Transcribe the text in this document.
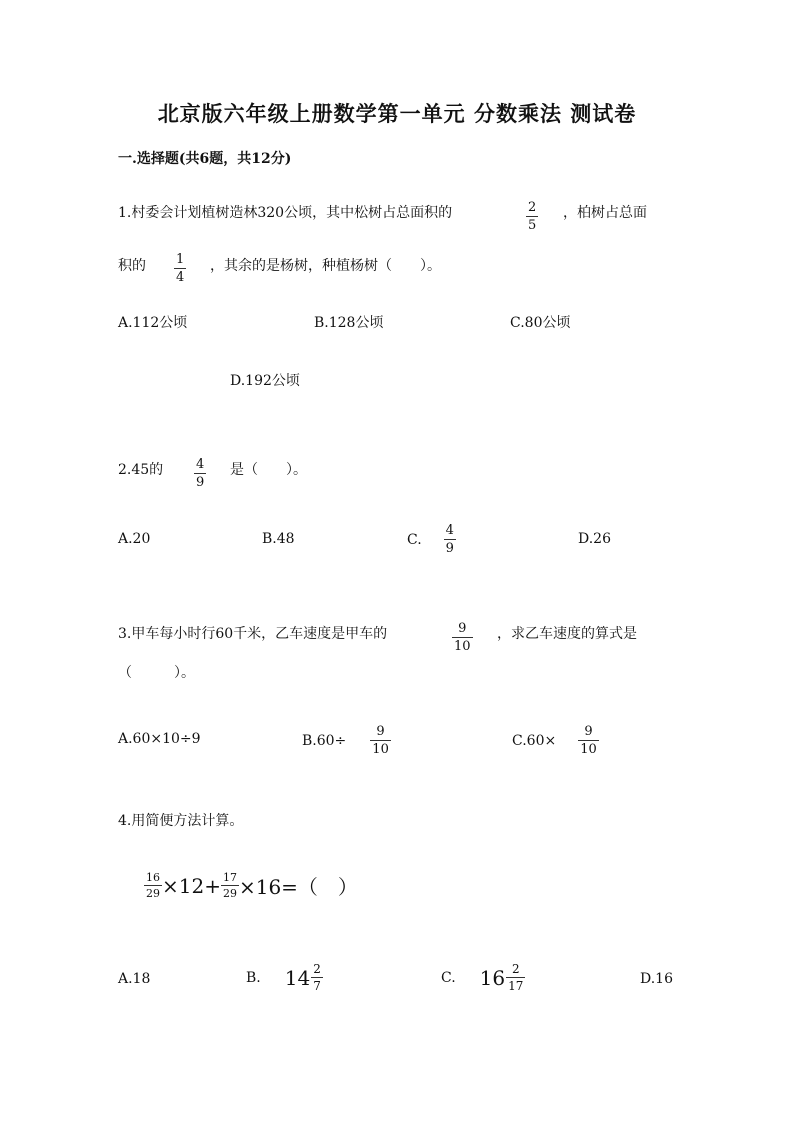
北京版六年级上册数学第一单元 分数乘法 测试卷
一.选择题(共6题，共12分)
1.村委会计划植树造林320公顷，其中松树占总面积的	$\frac{2}{5}$ ，柏树占总面
积的 $\frac{1}{4}$ ，其余的是杨树，种植杨树（　　）。
A.112公顷	B.128公顷	C.80公顷
D.192公顷
2.45的 $\frac{4}{9}$ 是（　　）。
A.20	B.48	C. $\frac{4}{9}$	D.26
3.甲车每小时行60千米，乙车速度是甲车的	$\frac{9}{10}$ ，求乙车速度的算式是
（　　　）。
A.60×10÷9	$B.60\div \frac{9}{10}$	$C.60\times \frac{9}{10}$
4.用简便方法计算。
$\frac{16}{29} \times 12+ \frac{17}{29} \times 16=$（　）
A.18	B. $14 \frac{2}{7}$	C. $16 \frac{2}{17}$	D.16
